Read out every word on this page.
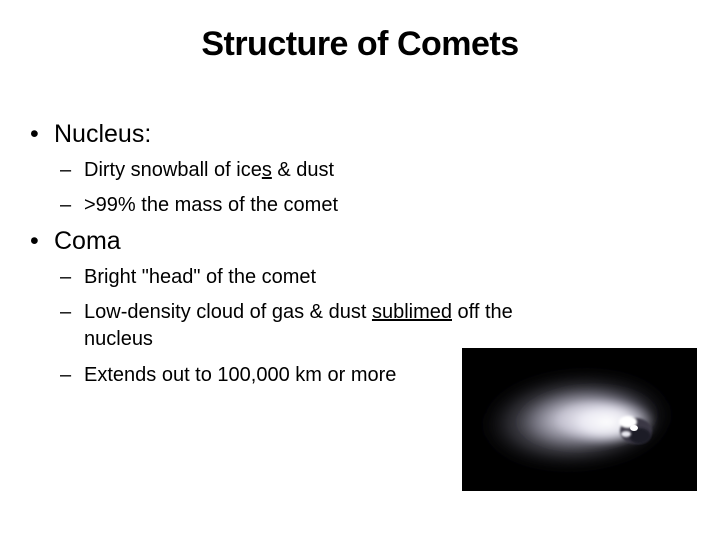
Structure of Comets
• Nucleus:
– Dirty snowball of ices & dust
– >99% the mass of the comet
• Coma
– Bright "head" of the comet
– Low-density cloud of gas & dust sublimed off the
nucleus
– Extends out to 100,000 km or more
